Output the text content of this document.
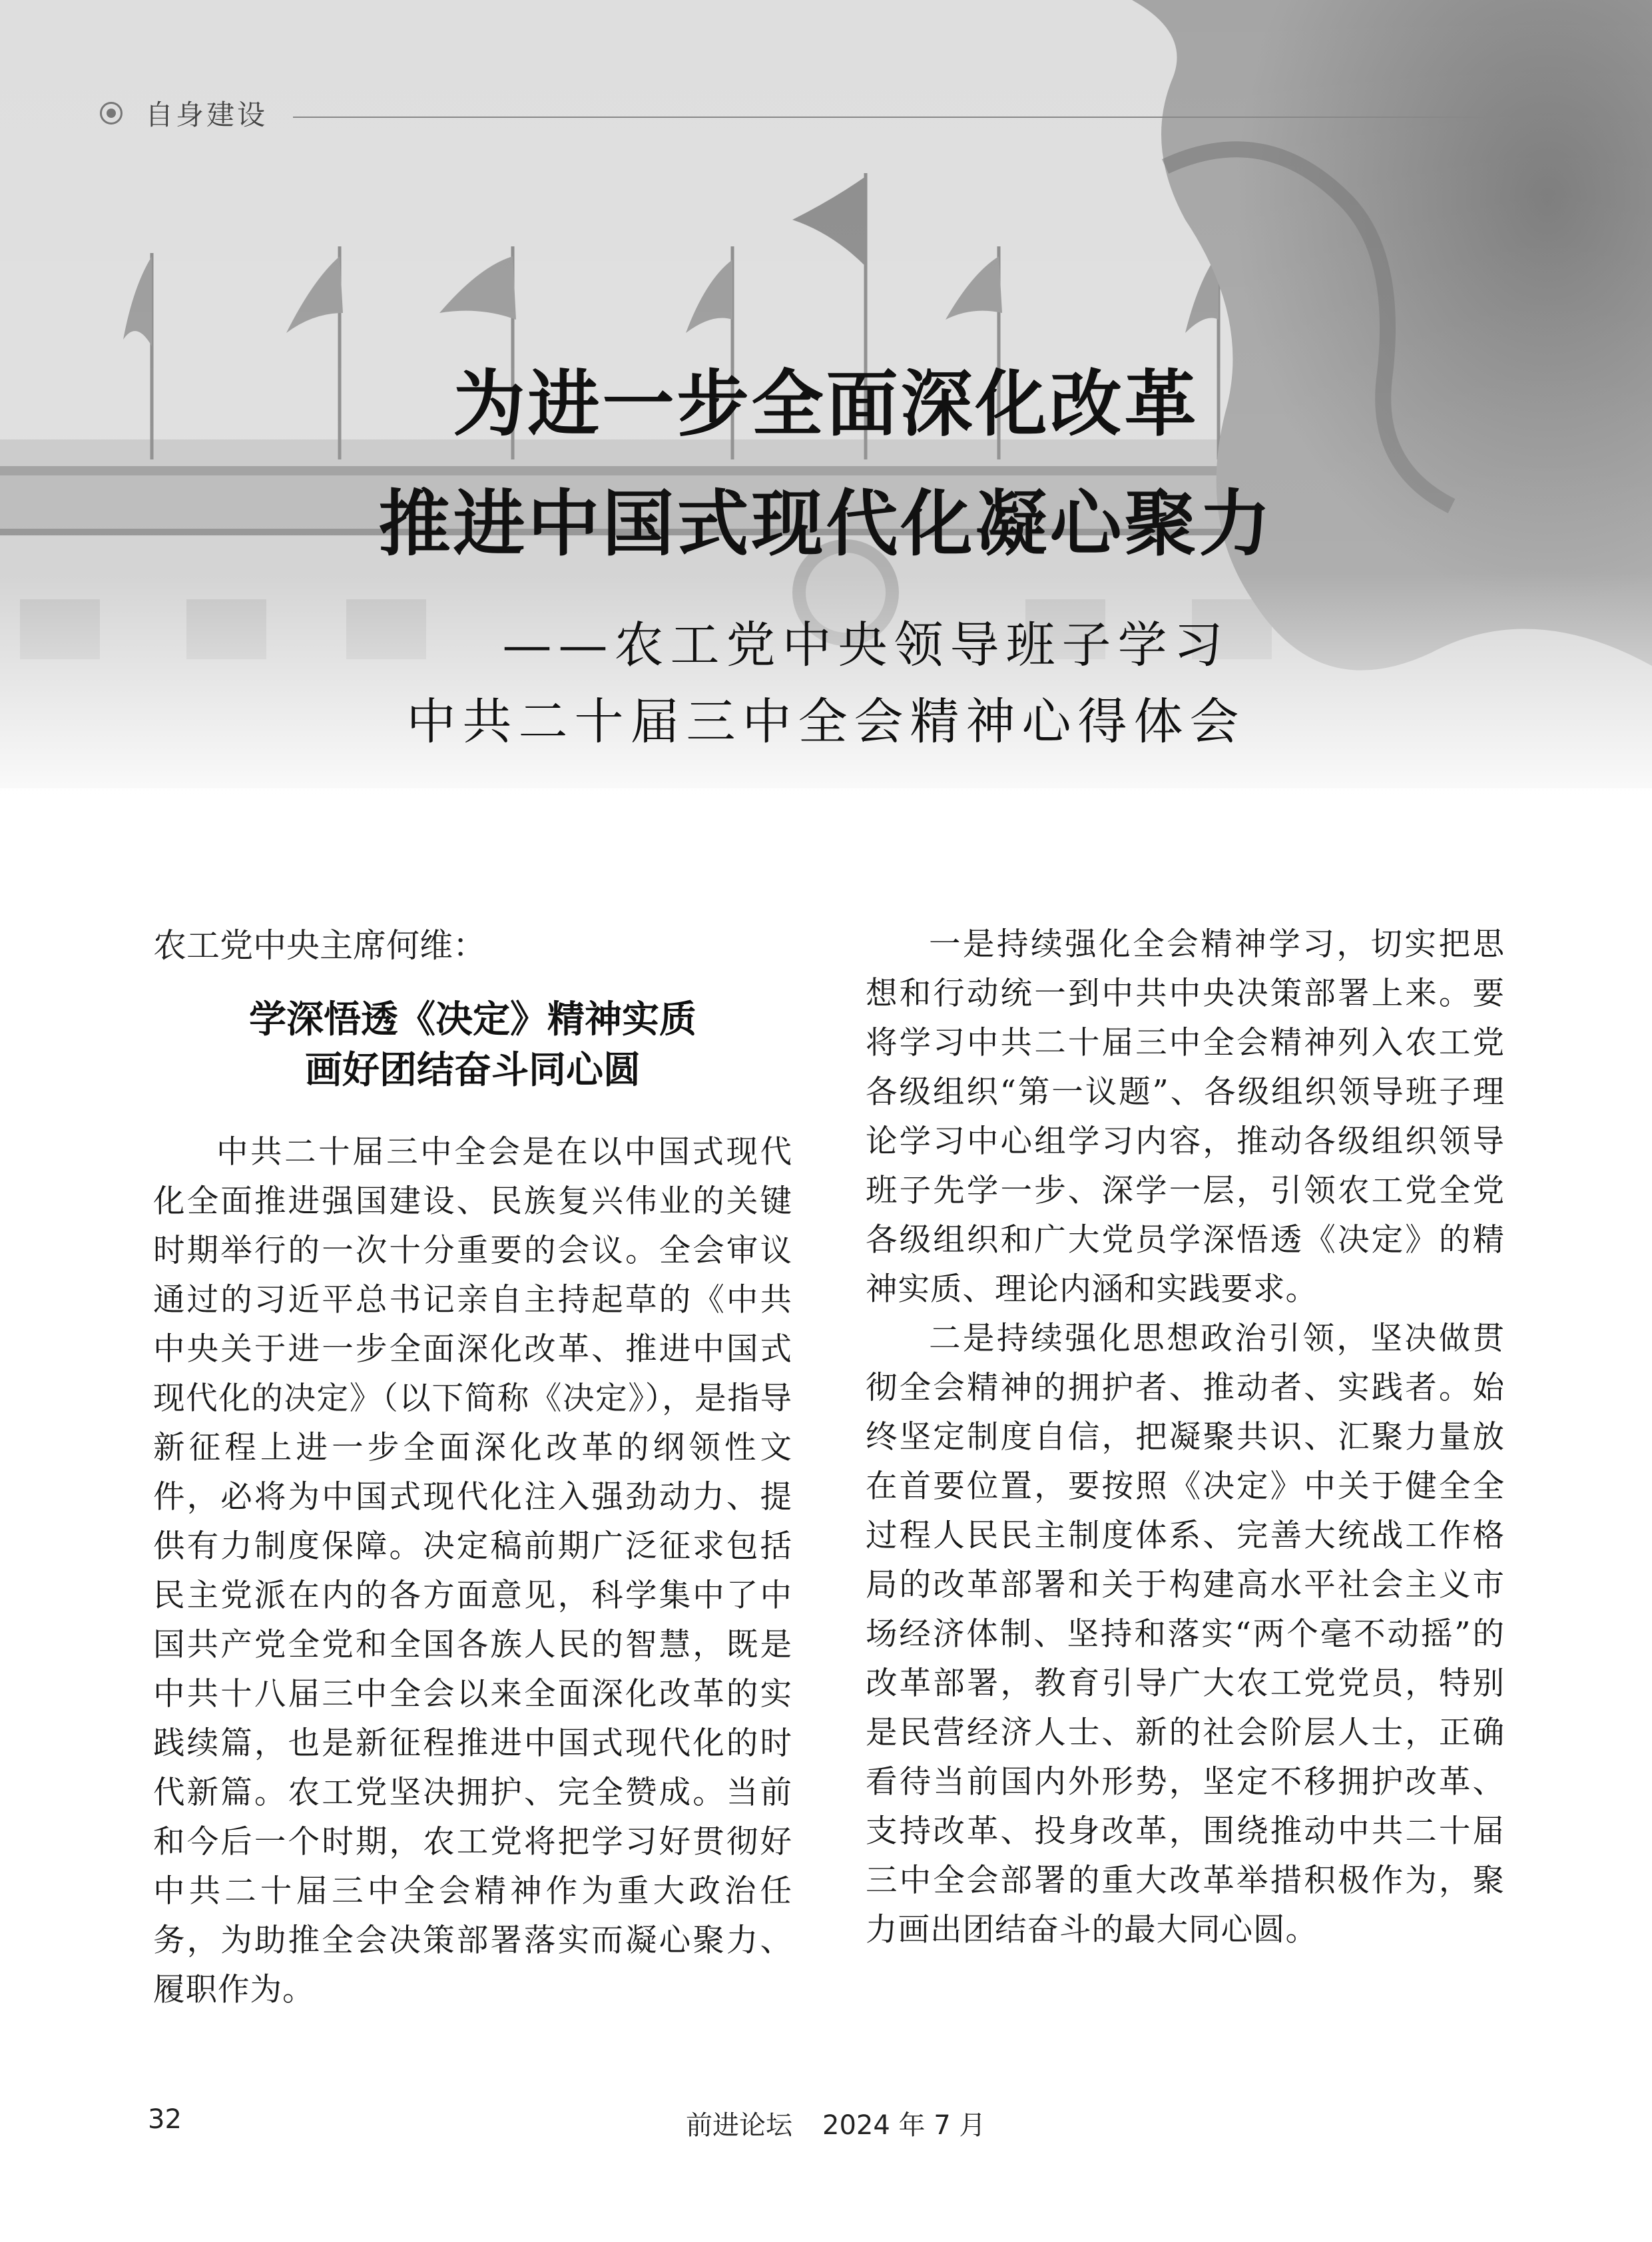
自身建设
为进一步全面深化改革
推进中国式现代化凝心聚力
——农工党中央领导班子学习
中共二十届三中全会精神心得体会

农工党中央主席何维：

学深悟透《决定》精神实质
画好团结奋斗同心圆

中共二十届三中全会是在以中国式现代化全面推进强国建设、民族复兴伟业的关键时期举行的一次十分重要的会议。全会审议通过的习近平总书记亲自主持起草的《中共中央关于进一步全面深化改革、推进中国式现代化的决定》（以下简称《决定》），是指导新征程上进一步全面深化改革的纲领性文件，必将为中国式现代化注入强劲动力、提供有力制度保障。决定稿前期广泛征求包括民主党派在内的各方面意见，科学集中了中国共产党全党和全国各族人民的智慧，既是中共十八届三中全会以来全面深化改革的实践续篇，也是新征程推进中国式现代化的时代新篇。农工党坚决拥护、完全赞成。当前和今后一个时期，农工党将把学习好贯彻好中共二十届三中全会精神作为重大政治任务，为助推全会决策部署落实而凝心聚力、履职作为。

一是持续强化全会精神学习，切实把思想和行动统一到中共中央决策部署上来。要将学习中共二十届三中全会精神列入农工党各级组织“第一议题”、各级组织领导班子理论学习中心组学习内容，推动各级组织领导班子先学一步、深学一层，引领农工党全党各级组织和广大党员学深悟透《决定》的精神实质、理论内涵和实践要求。

二是持续强化思想政治引领，坚决做贯彻全会精神的拥护者、推动者、实践者。始终坚定制度自信，把凝聚共识、汇聚力量放在首要位置，要按照《决定》中关于健全全过程人民民主制度体系、完善大统战工作格局的改革部署和关于构建高水平社会主义市场经济体制、坚持和落实“两个毫不动摇”的改革部署，教育引导广大农工党党员，特别是民营经济人士、新的社会阶层人士，正确看待当前国内外形势，坚定不移拥护改革、支持改革、投身改革，围绕推动中共二十届三中全会部署的重大改革举措积极作为，聚力画出团结奋斗的最大同心圆。

32	前进论坛 2024 年 7 月
